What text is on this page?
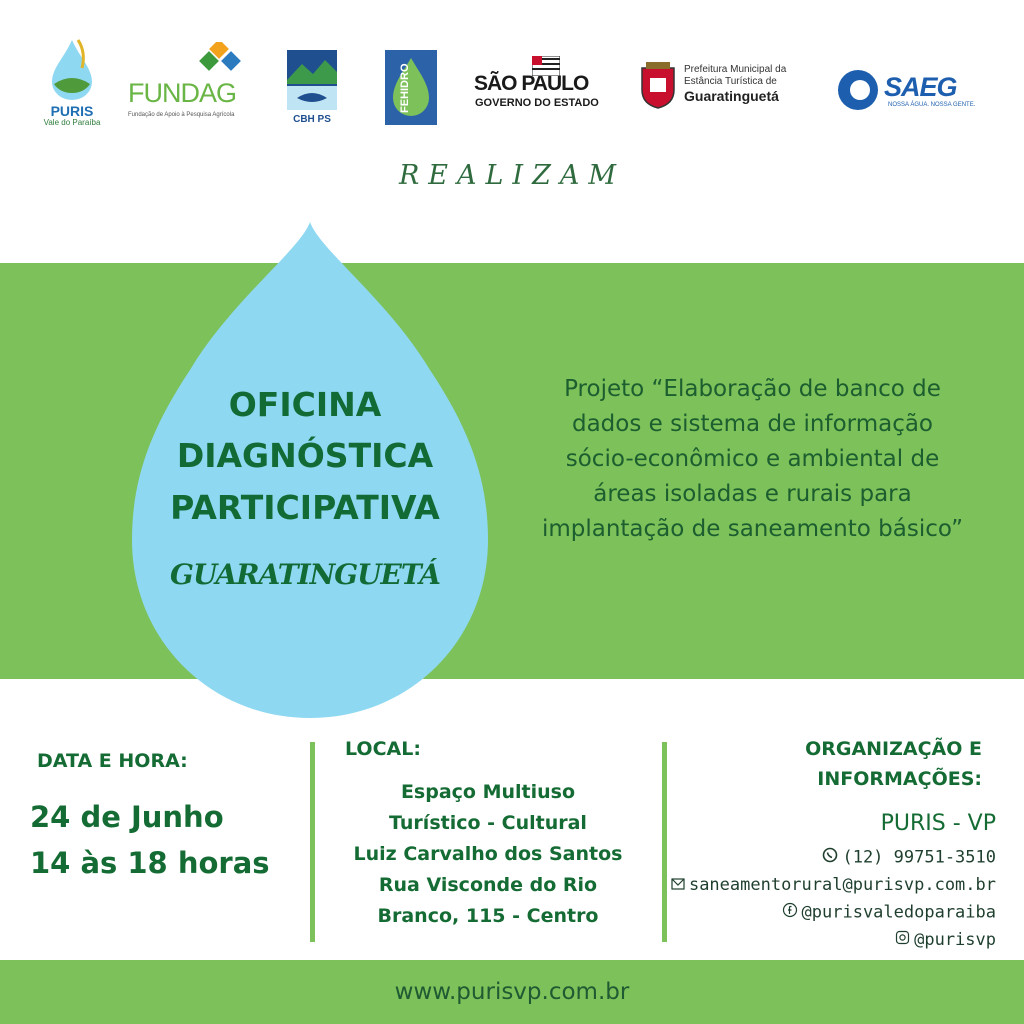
PURIS
Vale do Paraíba
FUNDAG
Fundação de Apoio à Pesquisa Agrícola	CBH PS
FEHIDRO	SÃO PAULO
GOVERNO DO ESTADO
Prefeitura Municipal da
Estância Turística de
Guaratinguetá	SAEG
NOSSA ÁGUA. NOSSA GENTE.
REALIZAM
OFICINA
DIAGNÓSTICA
PARTICIPATIVA
GUARATINGUETÁ
Projeto “Elaboração de banco de
dados e sistema de informação
sócio-econômico e ambiental de
áreas isoladas e rurais para
implantação de saneamento básico”
DATA E HORA:
24 de Junho
14 às 18 horas
LOCAL:
Espaço Multiuso
Turístico - Cultural
Luiz Carvalho dos Santos
Rua Visconde do Rio
Branco, 115 - Centro
ORGANIZAÇÃO E
INFORMAÇÕES:
PURIS - VP
(12) 99751-3510
saneamentorural@purisvp.com.br
@purisvaledoparaiba
@purisvp
www.purisvp.com.br
